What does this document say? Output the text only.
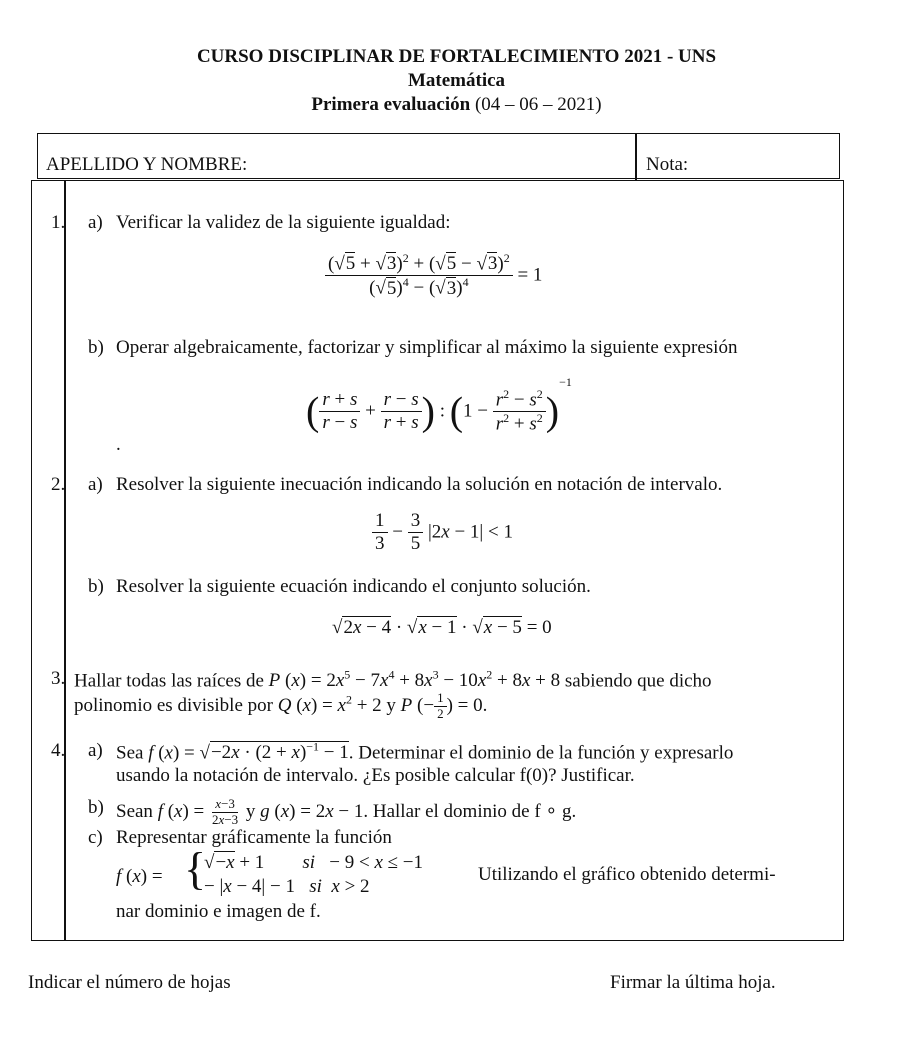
CURSO DISCIPLINAR DE FORTALECIMIENTO 2021 - UNS
Matemática
Primera evaluación (04 – 06 – 2021)
APELLIDO Y NOMBRE:	Nota:
1. a) Verificar la validez de la siguiente igualdad:
$\frac{(√5 + √3)^2 + (√5 - √3)^2}{(√5)^4 - (√3)^4} = 1$
b) Operar algebraicamente, factorizar y simplificar al máximo la siguiente expresión
( $\frac{r + s}{r - s} + \frac{r - s}{r + s}$ ) : $(1 - \frac{r^2 - s^2}{r^2 + s^2} )^{-1}$
.
2. a) Resolver la siguiente inecuación indicando la solución en notación de intervalo.
$\frac{1}{3} - \frac{3}{5} |2x - 1| < 1$
b) Resolver la siguiente ecuación indicando el conjunto solución.
√2x − 4 · √x − 1 · √x − 5 = 0
3. Hallar todas las raíces de P $(x) = 2x^5 - 7x^4 + 8x^3 - 10x^2 + 8x + 8$ sabiendo que dicho
polinomio es divisible por Q $(x) = x^2 + 2$ y P (− $\frac{1}{2}$ ) = 0.
4. a) Sea f $(x) = √-2x \cdot (2 + x)^{-1} - 1$. Determinar el dominio de la función y expresarlo
usando la notación de intervalo. ¿Es posible calcular f(0)? Justificar.
b) Sean f $(x) = \frac{x-3}{2x-3}$ y g (x) = 2x − 1. Hallar el dominio de f ∘ g.
c) Representar gráficamente la función
f (x) = {
√−x + 1        si   − 9 < x ≤ −1
− |x − 4| − 1   si x > 2
Utilizando el gráfico obtenido determi-
nar dominio e imagen de f.
Indicar el número de hojas	Firmar la última hoja.
